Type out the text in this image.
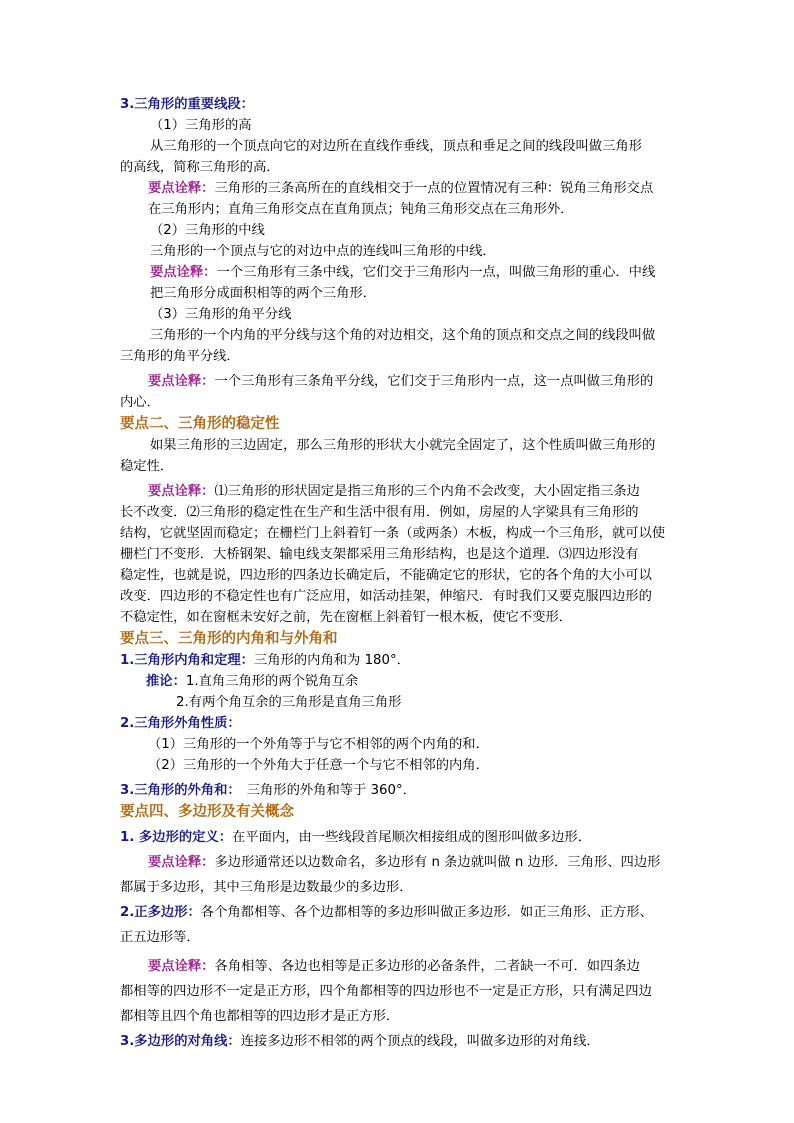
3.三角形的重要线段：
（1）三角形的高
从三角形的一个顶点向它的对边所在直线作垂线，顶点和垂足之间的线段叫做三角形
的高线，简称三角形的高．
要点诠释：三角形的三条高所在的直线相交于一点的位置情况有三种：锐角三角形交点
在三角形内；直角三角形交点在直角顶点；钝角三角形交点在三角形外．
（2）三角形的中线
三角形的一个顶点与它的对边中点的连线叫三角形的中线．
要点诠释：一个三角形有三条中线，它们交于三角形内一点，叫做三角形的重心．中线
把三角形分成面积相等的两个三角形．
（3）三角形的角平分线
三角形的一个内角的平分线与这个角的对边相交，这个角的顶点和交点之间的线段叫做
三角形的角平分线．
要点诠释：一个三角形有三条角平分线，它们交于三角形内一点，这一点叫做三角形的
内心．
要点二、三角形的稳定性
如果三角形的三边固定，那么三角形的形状大小就完全固定了，这个性质叫做三角形的
稳定性．
要点诠释：⑴三角形的形状固定是指三角形的三个内角不会改变，大小固定指三条边
长不改变．⑵三角形的稳定性在生产和生活中很有用．例如，房屋的人字梁具有三角形的
结构，它就坚固而稳定；在栅栏门上斜着钉一条（或两条）木板，构成一个三角形，就可以使
栅栏门不变形．大桥钢架、输电线支架都采用三角形结构，也是这个道理．⑶四边形没有
稳定性，也就是说，四边形的四条边长确定后，不能确定它的形状，它的各个角的大小可以
改变．四边形的不稳定性也有广泛应用，如活动挂架，伸缩尺．有时我们又要克服四边形的
不稳定性，如在窗框未安好之前，先在窗框上斜着钉一根木板，使它不变形．
要点三、三角形的内角和与外角和
1.三角形内角和定理：三角形的内角和为 180°．
推论：1.直角三角形的两个锐角互余
2.有两个角互余的三角形是直角三角形
2.三角形外角性质：
（1）三角形的一个外角等于与它不相邻的两个内角的和．
（2）三角形的一个外角大于任意一个与它不相邻的内角．
3.三角形的外角和： 三角形的外角和等于 360°．
要点四、多边形及有关概念
1. 多边形的定义：在平面内，由一些线段首尾顺次相接组成的图形叫做多边形．
要点诠释：多边形通常还以边数命名，多边形有 n 条边就叫做 n 边形．三角形、四边形
都属于多边形，其中三角形是边数最少的多边形．
2.正多边形：各个角都相等、各个边都相等的多边形叫做正多边形．如正三角形、正方形、
正五边形等．
要点诠释：各角相等、各边也相等是正多边形的必备条件，二者缺一不可．如四条边
都相等的四边形不一定是正方形，四个角都相等的四边形也不一定是正方形，只有满足四边
都相等且四个角也都相等的四边形才是正方形．
3.多边形的对角线：连接多边形不相邻的两个顶点的线段，叫做多边形的对角线．
